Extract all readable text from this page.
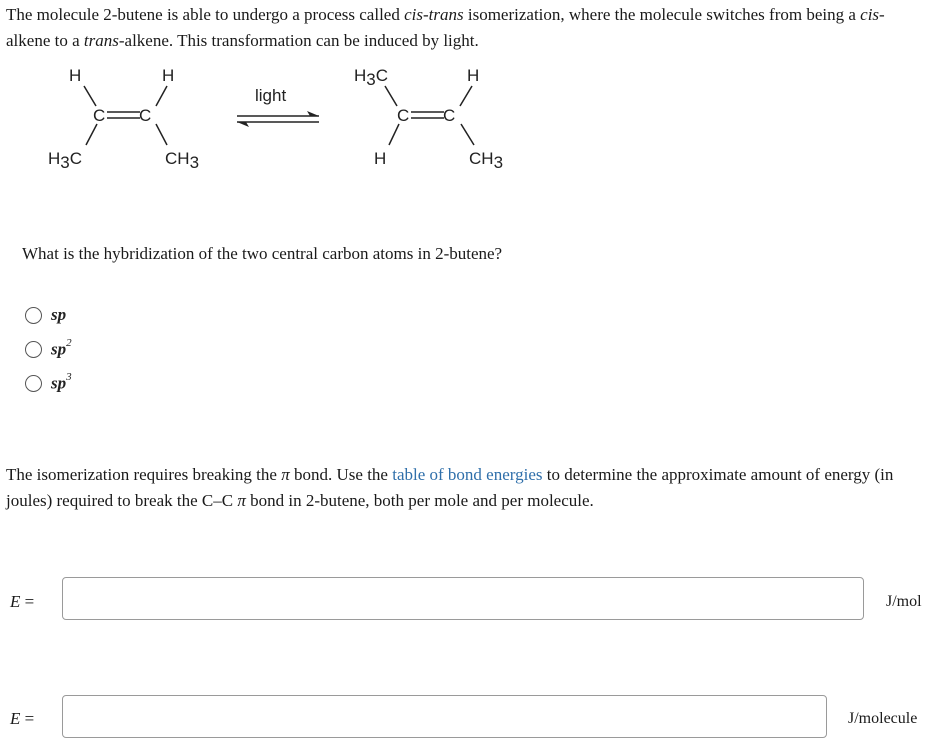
The molecule 2-butene is able to undergo a process called cis-trans isomerization, where the molecule switches from being a cis-alkene to a trans-alkene. This transformation can be induced by light.
light
H	H
C C
H3C	CH3
H3C	H
C C
H	CH3
What is the hybridization of the two central carbon atoms in 2-butene?
sp
$sp^2$
$sp^3$
The isomerization requires breaking the π bond. Use the table of bond energies to determine the approximate amount of energy (in joules) required to break the C–C π bond in 2-butene, both per mole and per molecule.
E =	J/mol
E =	J/molecule
